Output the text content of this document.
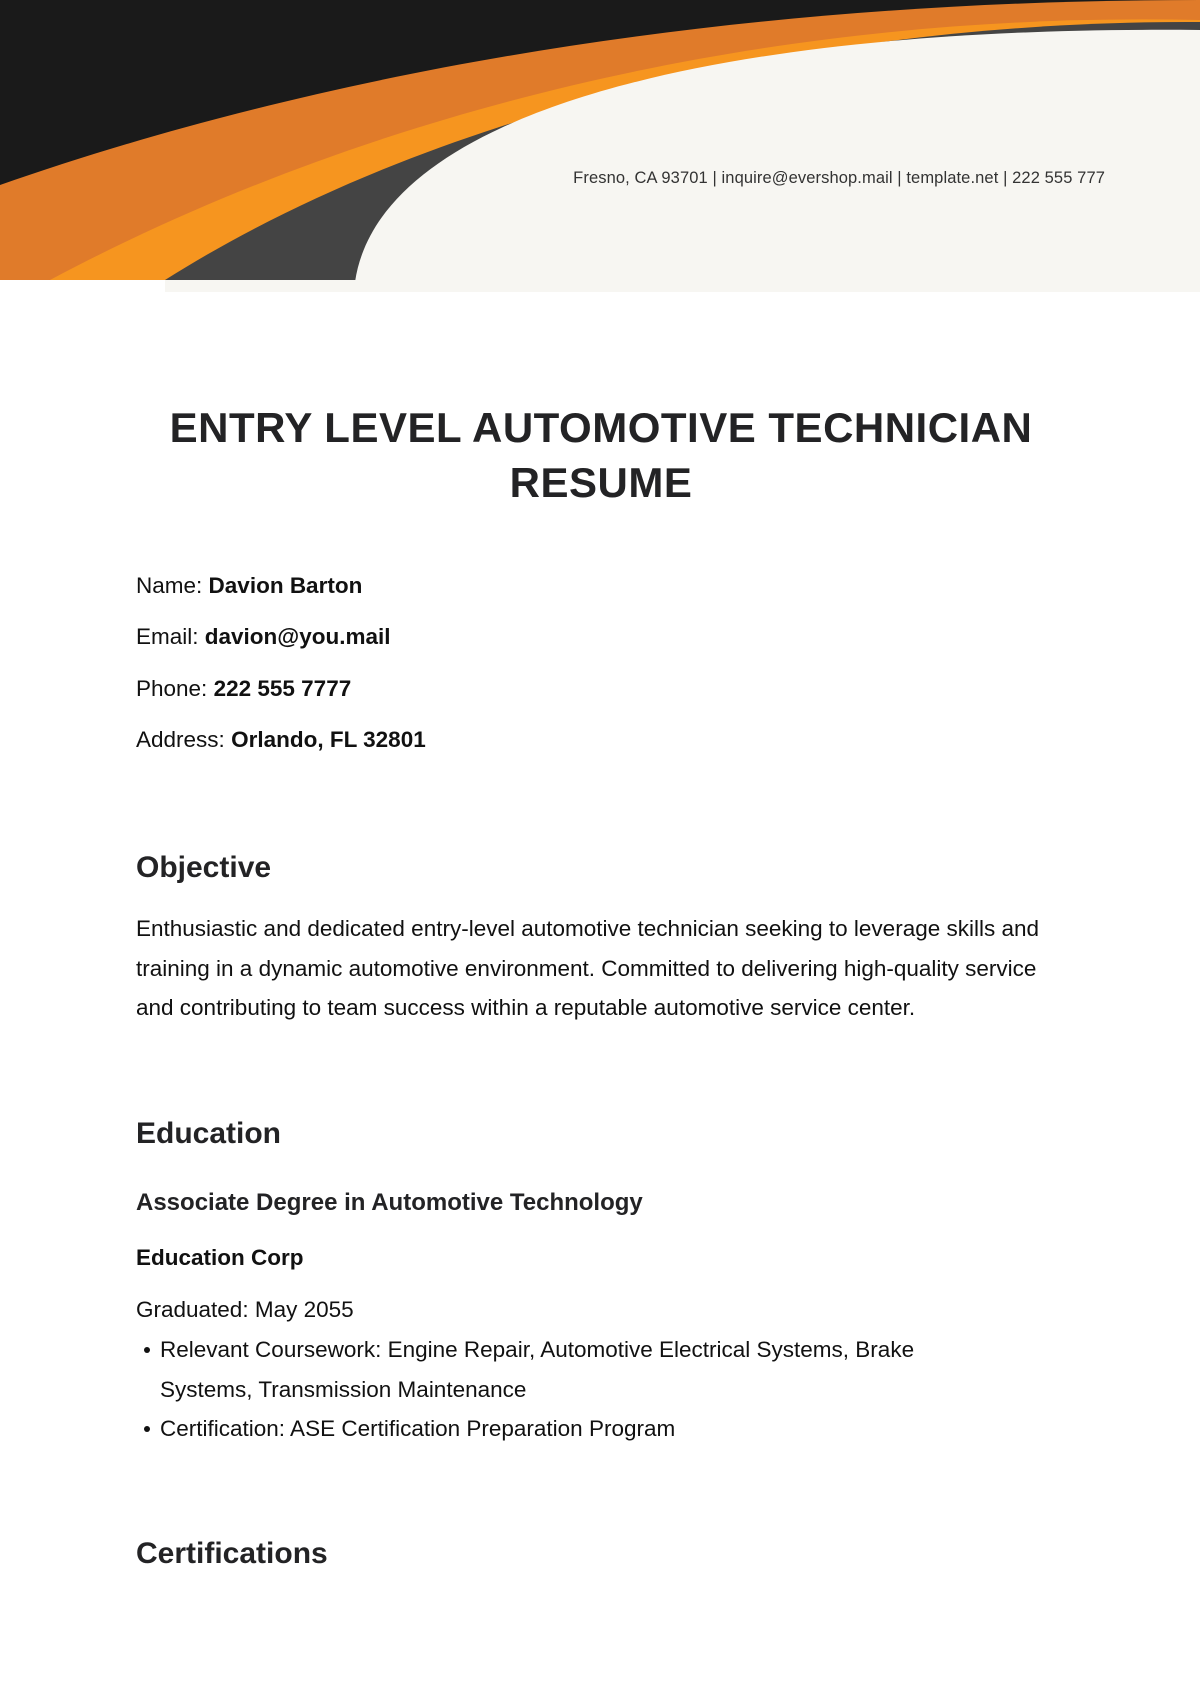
Fresno, CA 93701 | inquire@evershop.mail | template.net | 222 555 777
ENTRY LEVEL AUTOMOTIVE TECHNICIAN RESUME

Name: Davion Barton

Email: davion@you.mail

Phone: 222 555 7777

Address: Orlando, FL 32801

Objective

Enthusiastic and dedicated entry-level automotive technician seeking to leverage skills and training in a dynamic automotive environment. Committed to delivering high-quality service and contributing to team success within a reputable automotive service center.

Education
Associate Degree in Automotive Technology

Education Corp

Graduated: May 2055

Relevant Coursework: Engine Repair, Automotive Electrical Systems, Brake Systems, Transmission Maintenance
Certification: ASE Certification Preparation Program
Certifications
